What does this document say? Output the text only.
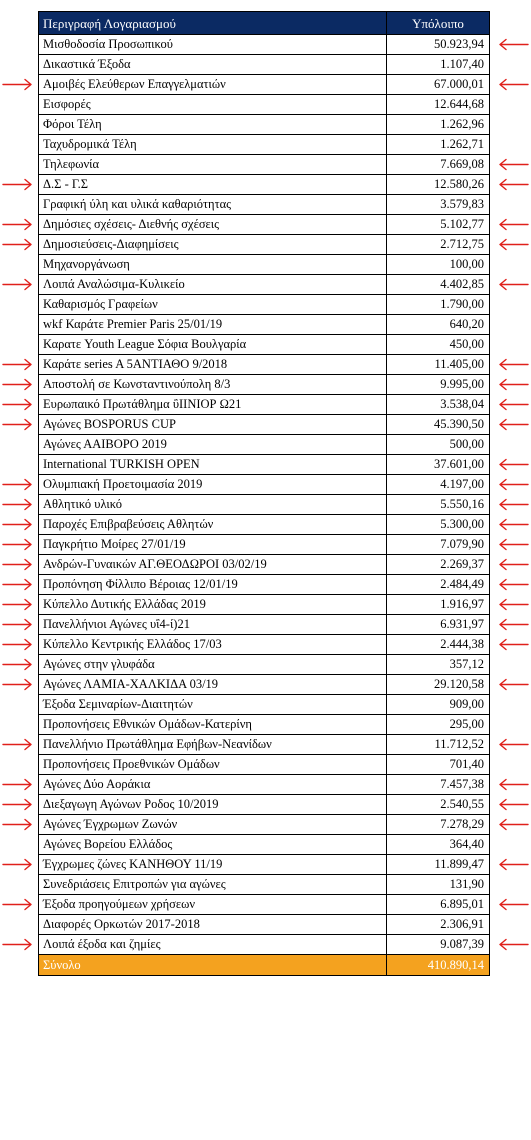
Περιγραφή Λογαριασμού	Υπόλοιπο
Μισθοδοσία Προσωπικού	50.923,94
Δικαστικά Έξοδα	1.107,40
Αμοιβές Ελεύθερων Επαγγελματιών	67.000,01
Εισφορές	12.644,68
Φόροι Τέλη	1.262,96
Ταχυδρομικά Τέλη	1.262,71
Τηλεφωνία	7.669,08
Δ.Σ - Γ.Σ	12.580,26
Γραφική ύλη και υλικά καθαριότητας	3.579,83
Δημόσιες σχέσεις- Διεθνής σχέσεις	5.102,77
Δημοσιεύσεις-Διαφημίσεις	2.712,75
Μηχανοργάνωση	100,00
Λοιπά Αναλώσιμα-Κυλικείο	4.402,85
Καθαρισμός Γραφείων	1.790,00
wkf Καράτε Premier Paris 25/01/19	640,20
Καρατε Youth League Σόφια Βουλγαρία	450,00
Καράτε series A 5ΑΝΤΙΑΘΟ 9/2018	11.405,00
Αποστολή σε Κωνσταντινούπολη 8/3	9.995,00
Ευρωπαικό Πρωτάθλημα ΰΙΙΝΙΟΡ Ω21	3.538,04
Αγώνες BOSPORUS CUP	45.390,50
Αγώνες ΑΑΙΒΟΡΟ 2019	500,00
International TURKISH OPEN	37.601,00
Ολυμπιακή Προετοιμασία 2019	4.197,00
Αθλητικό υλικό	5.550,16
Παροχές Επιβραβεύσεις Αθλητών	5.300,00
Παγκρήτιο Μοίρες 27/01/19	7.079,90
Ανδρών-Γυναικών ΑΓ.ΘΕΟΔΩΡΟΙ 03/02/19	2.269,37
Προπόνηση Φίλλιπο Βέροιας 12/01/19	2.484,49
Κύπελλο Δυτικής Ελλάδας 2019	1.916,97
Πανελλήνιοι Αγώνες υΐ4-ί)21	6.931,97
Κύπελλο Κεντρικής Ελλάδος 17/03	2.444,38
Αγώνες στην γλυφάδα	357,12
Αγώνες ΛΑΜΙΑ-ΧΑΛΚΙΔΑ 03/19	29.120,58
Έξοδα Σεμιναρίων-Διαιτητών	909,00
Προπονήσεις Εθνικών Ομάδων-Κατερίνη	295,00
Πανελλήνιο Πρωτάθλημα Εφήβων-Νεανίδων	11.712,52
Προπονήσεις Προεθνικών Ομάδων	701,40
Αγώνες Δύο Αοράκια	7.457,38
Διεξαγωγη Αγώνων Ροδος 10/2019	2.540,55
Αγώνες Έγχρωμων Ζωνών	7.278,29
Αγώνες Βορείου Ελλάδος	364,40
Έγχρωμες ζώνες ΚΑΝΗΘΟΥ 11/19	11.899,47
Συνεδριάσεις Επιτροπών για αγώνες	131,90
Έξοδα προηγούμεων χρήσεων	6.895,01
Διαφορές Ορκωτών 2017-2018	2.306,91
Λοιπά έξοδα και ζημίες	9.087,39
Σύνολο	410.890,14
